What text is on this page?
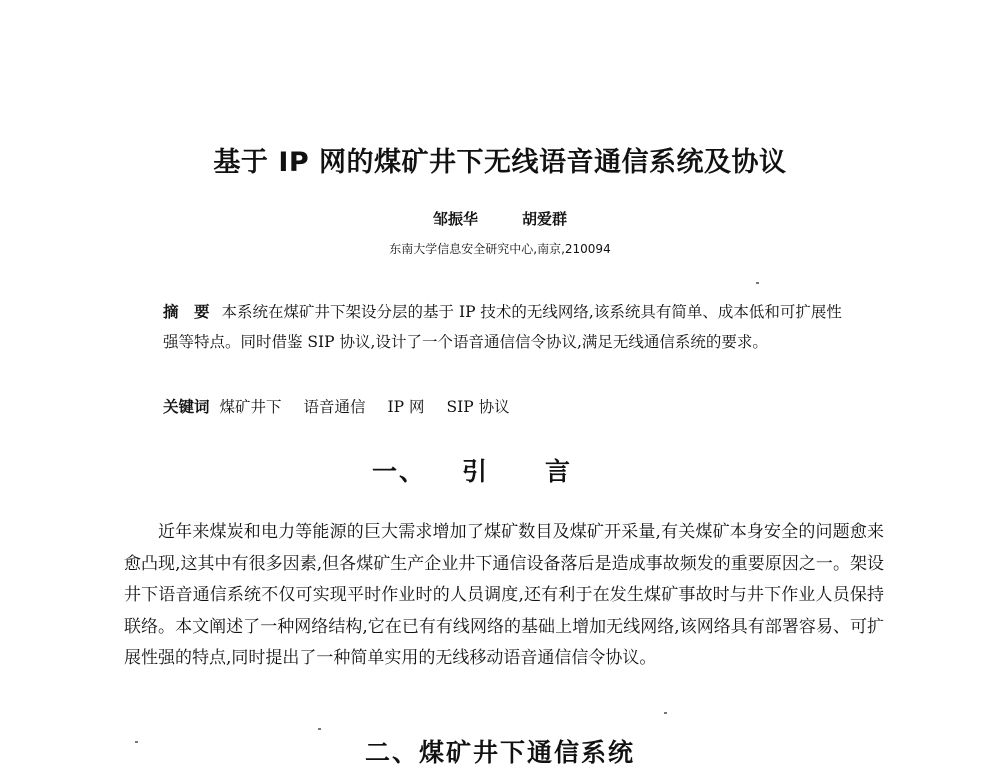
基于 IP 网的煤矿井下无线语音通信系统及协议
邹振华	胡爱群
东南大学信息安全研究中心,南京,210094
摘　要 本系统在煤矿井下架设分层的基于 IP 技术的无线网络,该系统具有简单、成本低和可扩展性强等特点。同时借鉴 SIP 协议,设计了一个语音通信信令协议,满足无线通信系统的要求。
关键词 煤矿井下 语音通信 IP 网 SIP 协议
一、 引言
近年来煤炭和电力等能源的巨大需求增加了煤矿数目及煤矿开采量,有关煤矿本身安全的问题愈来愈凸现,这其中有很多因素,但各煤矿生产企业井下通信设备落后是造成事故频发的重要原因之一。架设井下语音通信系统不仅可实现平时作业时的人员调度,还有利于在发生煤矿事故时与井下作业人员保持联络。本文阐述了一种网络结构,它在已有有线网络的基础上增加无线网络,该网络具有部署容易、可扩展性强的特点,同时提出了一种简单实用的无线移动语音通信信令协议。
二、煤矿井下通信系统
